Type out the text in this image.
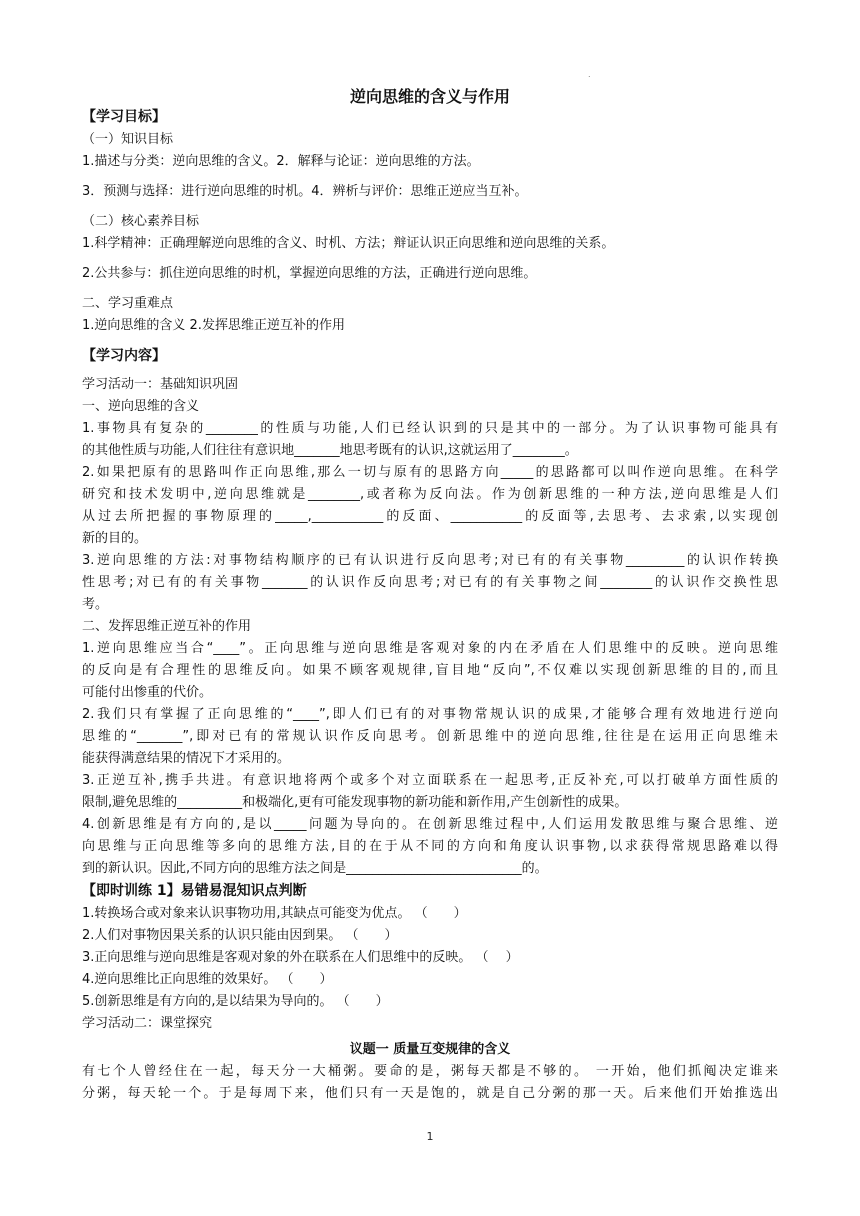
.
逆向思维的含义与作用
【学习目标】
（一）知识目标
1.描述与分类：逆向思维的含义。2．解释与论证：逆向思维的方法。
3．预测与选择：进行逆向思维的时机。4．辨析与评价：思维正逆应当互补。
（二）核心素养目标
1.科学精神：正确理解逆向思维的含义、时机、方法；辩证认识正向思维和逆向思维的关系。
2.公共参与：抓住逆向思维的时机，掌握逆向思维的方法，正确进行逆向思维。
二、学习重难点
1.逆向思维的含义 2.发挥思维正逆互补的作用
【学习内容】
学习活动一：基础知识巩固
一、逆向思维的含义
1.事物具有复杂的________的性质与功能,人们已经认识到的只是其中的一部分。为了认识事物可能具有
的其他性质与功能,人们往往有意识地_______地思考既有的认识,这就运用了________。
2.如果把原有的思路叫作正向思维,那么一切与原有的思路方向_____的思路都可以叫作逆向思维。在科学
研究和技术发明中,逆向思维就是________,或者称为反向法。作为创新思维的一种方法,逆向思维是人们
从过去所把握的事物原理的_____,___________的反面、___________的反面等,去思考、去求索,以实现创
新的目的。
3.逆向思维的方法:对事物结构顺序的已有认识进行反向思考;对已有的有关事物_________的认识作转换
性思考;对已有的有关事物_______的认识作反向思考;对已有的有关事物之间________的认识作交换性思
考。
二、发挥思维正逆互补的作用
1.逆向思维应当合“____”。正向思维与逆向思维是客观对象的内在矛盾在人们思维中的反映。逆向思维
的反向是有合理性的思维反向。如果不顾客观规律,盲目地“反向”,不仅难以实现创新思维的目的,而且
可能付出惨重的代价。
2.我们只有掌握了正向思维的“____”,即人们已有的对事物常规认识的成果,才能够合理有效地进行逆向
思维的“_______”,即对已有的常规认识作反向思考。创新思维中的逆向思维,往往是在运用正向思维未
能获得满意结果的情况下才采用的。
3.正逆互补,携手共进。有意识地将两个或多个对立面联系在一起思考,正反补充,可以打破单方面性质的
限制,避免思维的__________和极端化,更有可能发现事物的新功能和新作用,产生创新性的成果。
4.创新思维是有方向的,是以_____问题为导向的。在创新思维过程中,人们运用发散思维与聚合思维、逆
向思维与正向思维等多向的思维方法,目的在于从不同的方向和角度认识事物,以求获得常规思路难以得
到的新认识。因此,不同方向的思维方法之间是___________________________的。
【即时训练 1】易错易混知识点判断
1.转换场合或对象来认识事物功用,其缺点可能变为优点。 （　　）
2.人们对事物因果关系的认识只能由因到果。 （　　）
3.正向思维与逆向思维是客观对象的外在联系在人们思维中的反映。 （　 ）
4.逆向思维比正向思维的效果好。 （　　）
5.创新思维是有方向的,是以结果为导向的。 （　　）
学习活动二：课堂探究
议题一 质量互变规律的含义
有七个人曾经住在一起，每天分一大桶粥。要命的是，粥每天都是不够的。 一开始，他们抓阄决定谁来
分粥，每天轮一个。于是每周下来，他们只有一天是饱的，就是自己分粥的那一天。后来他们开始推选出
1
